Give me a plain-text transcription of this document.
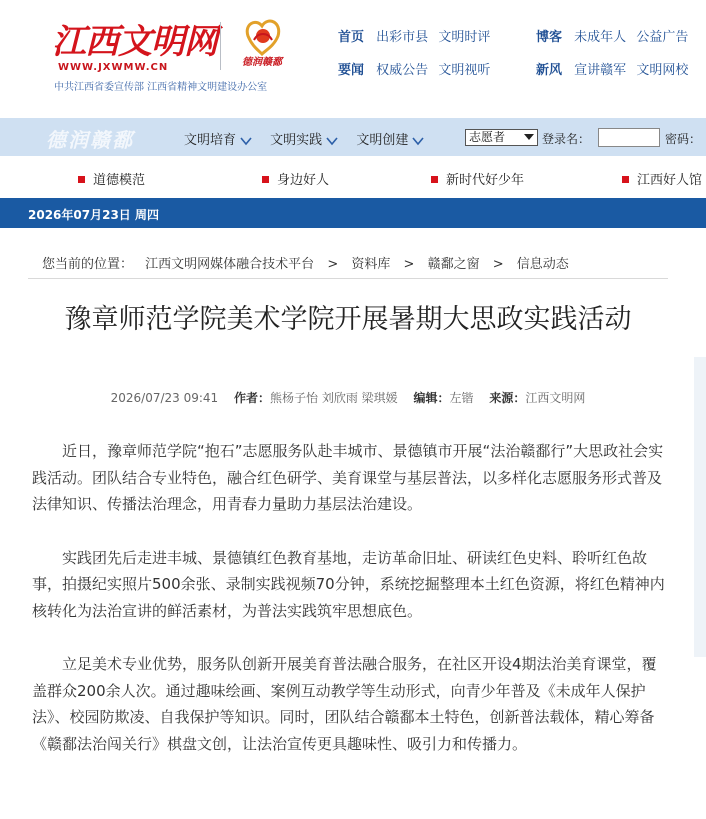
江西文明网
WWW.JXWMW.CN	德润赣鄱
中共江西省委宣传部 江西省精神文明建设办公室
首页 出彩市县 文明时评	博客 未成年人 公益广告
要闻 权威公告 文明视听	新风 宣讲赣军 文明网校
德润赣鄱	文明培育	文明实践	文明创建	志愿者	登录名：	密码：
道德模范	身边好人	新时代好少年	江西好人馆
2026年07月23日 周四
您当前的位置： 江西文明网媒体融合技术平台 > 资料库 > 赣鄱之窗 > 信息动态
豫章师范学院美术学院开展暑期大思政实践活动
2026/07/23 09:41 作者：熊杨子怡 刘欣雨 梁琪媛 编辑：左锴 来源：江西文明网

近日，豫章师范学院“抱石”志愿服务队赴丰城市、景德镇市开展“法治赣鄱行”大思政社会实践活动。团队结合专业特色，融合红色研学、美育课堂与基层普法，以多样化志愿服务形式普及法律知识、传播法治理念，用青春力量助力基层法治建设。

实践团先后走进丰城、景德镇红色教育基地，走访革命旧址、研读红色史料、聆听红色故事，拍摄纪实照片500余张、录制实践视频70分钟，系统挖掘整理本土红色资源，将红色精神内核转化为法治宣讲的鲜活素材，为普法实践筑牢思想底色。

立足美术专业优势，服务队创新开展美育普法融合服务，在社区开设4期法治美育课堂，覆盖群众200余人次。通过趣味绘画、案例互动教学等生动形式，向青少年普及《未成年人保护法》、校园防欺凌、自我保护等知识。同时，团队结合赣鄱本土特色，创新普法载体，精心筹备《赣鄱法治闯关行》棋盘文创，让法治宣传更具趣味性、吸引力和传播力。
